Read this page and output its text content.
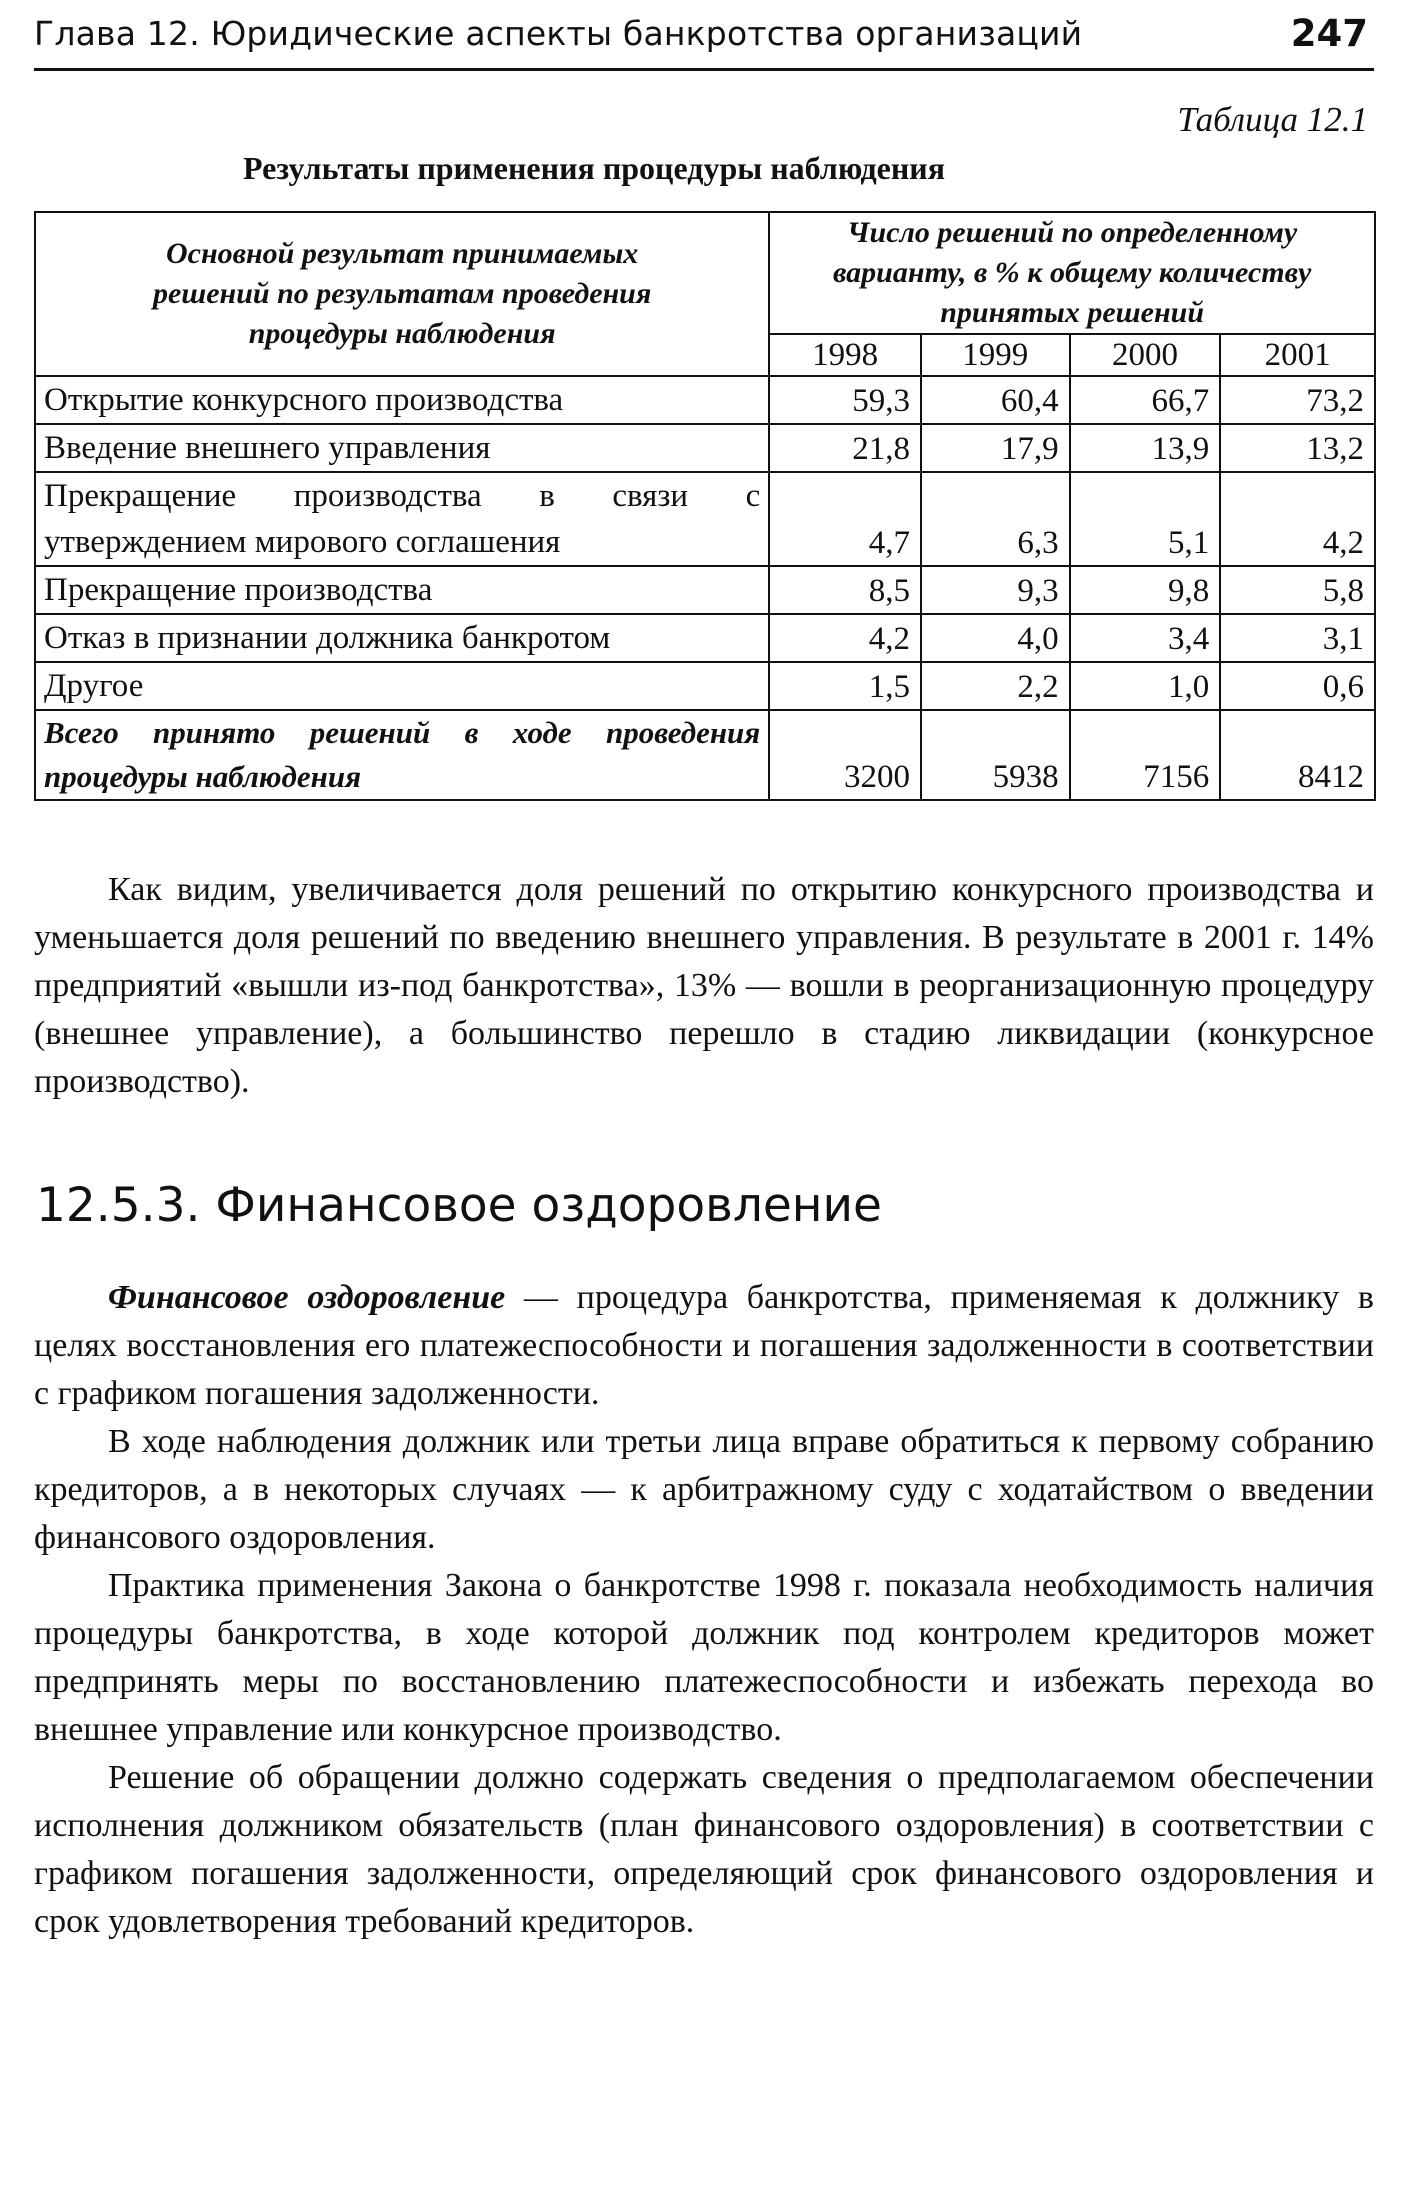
Глава 12. Юридические аспекты банкротства организаций	247
Таблица 12.1
Результаты применения процедуры наблюдения
Основной результат принимаемых решений по результатам проведения процедуры наблюдения	Число решений по определенному варианту, в % к общему количеству принятых решений			
	1998	1999	2000	2001
Открытие конкурсного производства	59,3	60,4	66,7	73,2
Введение внешнего управления	21,8	17,9	13,9	13,2
Прекращение производства в связи с утверждением мирового соглашения	4,7	6,3	5,1	4,2
Прекращение производства	8,5	9,3	9,8	5,8
Отказ в признании должника банкротом	4,2	4,0	3,4	3,1
Другое	1,5	2,2	1,0	0,6
Всего принято решений в ходе проведения процедуры наблюдения	3200	5938	7156	8412

Как видим, увеличивается доля решений по открытию конкурсного производства и уменьшается доля решений по введению внешнего управления. В результате в 2001 г. 14% предприятий «вышли из-под банкротства», 13% — вошли в реорганизационную процедуру (внешнее управление), а большинство перешло в стадию ликвидации (конкурсное производство).

12.5.3. Финансовое оздоровление

Финансовое оздоровление — процедура банкротства, применяемая к должнику в целях восстановления его платежеспособности и погашения задолженности в соответствии с графиком погашения задолженности.

В ходе наблюдения должник или третьи лица вправе обратиться к первому собранию кредиторов, а в некоторых случаях — к арбитражному суду с ходатайством о введении финансового оздоровления.

Практика применения Закона о банкротстве 1998 г. показала необходимость наличия процедуры банкротства, в ходе которой должник под контролем кредиторов может предпринять меры по восстановлению платежеспособности и избежать перехода во внешнее управление или конкурсное производство.

Решение об обращении должно содержать сведения о предполагаемом обеспечении исполнения должником обязательств (план финансового оздоровления) в соответствии с графиком погашения задолженности, определяющий срок финансового оздоровления и срок удовлетворения требований кредиторов.
